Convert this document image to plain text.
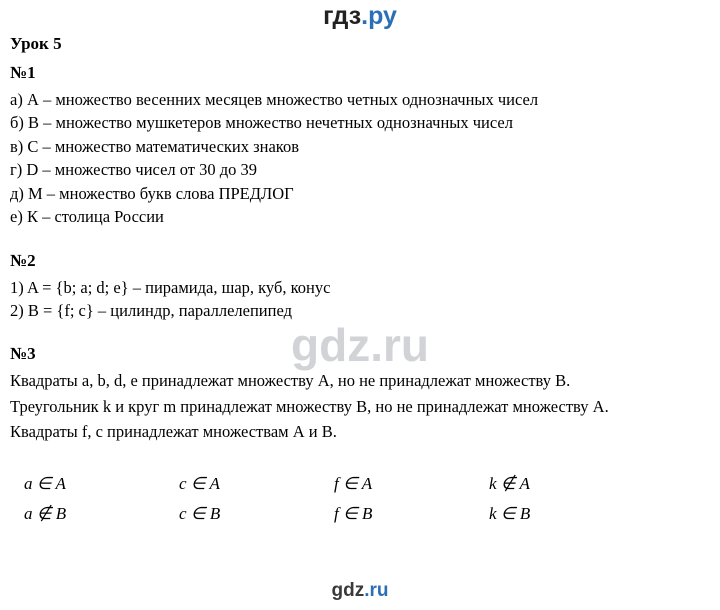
гдз.ру
gdz.ru
Урок 5
№1
а) А – множество весенних месяцев множество четных однозначных чисел
б) В – множество мушкетеров множество нечетных однозначных чисел
в) С – множество математических знаков
г) D – множество чисел от 30 до 39
д) М – множество букв слова ПРЕДЛОГ
е) К – столица России
№2
1) A = {b; a; d; e} – пирамида, шар, куб, конус
2) B = {f; c} – цилиндр, параллелепипед
№3
Квадраты a, b, d, e принадлежат множеству А, но не принадлежат множеству В.
Треугольник k и круг m принадлежат множеству В, но не принадлежат множеству А.
Квадраты f, c принадлежат множествам А и В.
a ∈ A	c ∈ A	f ∈ A	k ∉ A
a ∉ B	c ∈ B	f ∈ B	k ∈ B
gdz.ru
